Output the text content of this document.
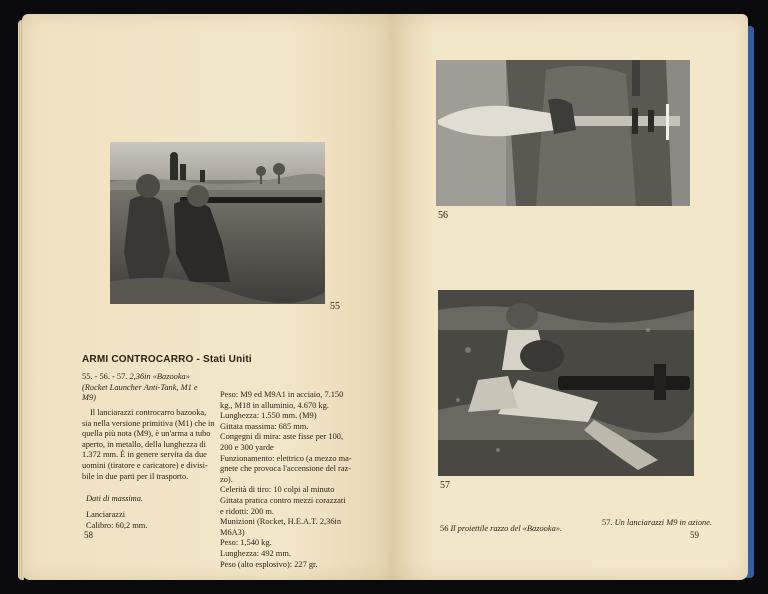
55
ARMI CONTROCARRO - Stati Uniti

55. - 56. - 57. 2,36in «Bazooka»

(Rocket Launcher Anti-Tank, M1 e

M9)

Il lanciarazzi controcarro bazooka,

sia nella versione primitiva (M1) che in

quella più nota (M9), è un'arma a tubo

aperto, in metallo, della lunghezza di

1.372 mm. È in genere servita da due

uomini (tiratore e caricatore) e divisi-

bile in due parti per il trasporto.

Dati di massima.

Lanciarazzi

Calibro: 60,2 mm.

Peso: M9 ed M9A1 in acciaio, 7.150

kg., M18 in alluminio, 4.670 kg.

Lunghezza: 1.550 mm. (M9)

Gittata massima: 685 mm.

Congegni di mira: aste fisse per 100,

200 e 300 yarde

Funzionamento: elettrico (a mezzo ma-

gnete che provoca l'accensione del raz-

zo).

Celerità di tiro: 10 colpi al minuto

Gittata pratica contro mezzi corazzati

e ridotti: 200 m.

Munizioni (Rocket, H.E.A.T. 2,36in

M6A3)

Peso: 1,540 kg.

Lunghezza: 492 mm.

Peso (alto esplosivo): 227 gr.

58
56
57
56 Il proiettile razzo del «Bazooka».
57. Un lanciarazzi M9 in azione.
59
